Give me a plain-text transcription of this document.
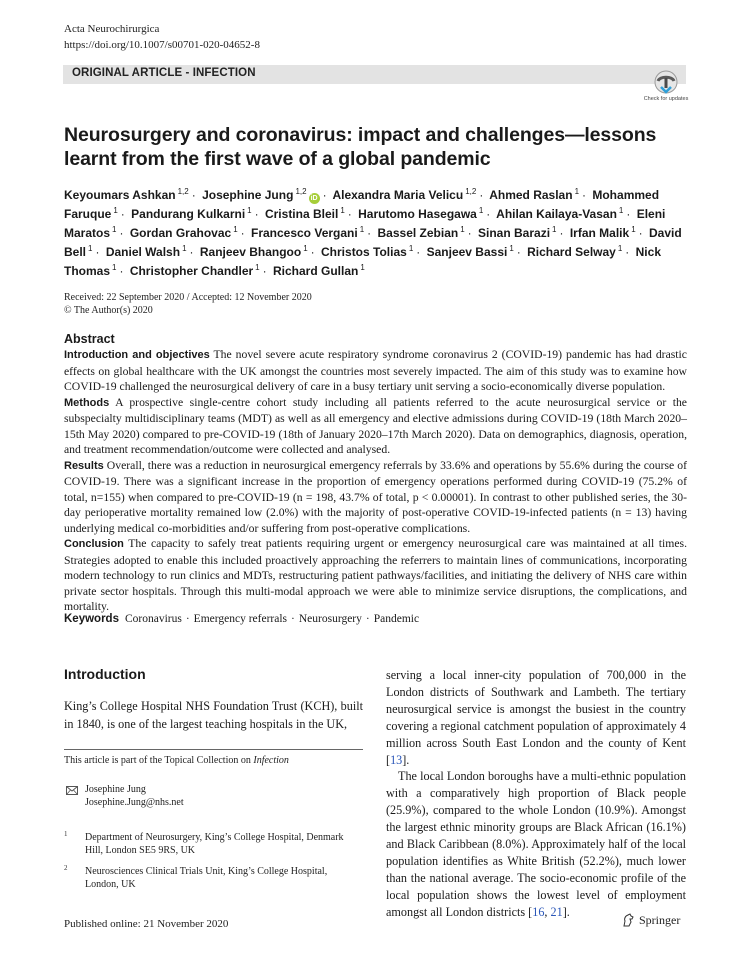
Acta Neurochirurgica
https://doi.org/10.1007/s00701-020-04652-8
ORIGINAL ARTICLE - INFECTION
Check for updates
Neurosurgery and coronavirus: impact and challenges—lessons learnt from the first wave of a global pandemic
Keyoumars Ashkan $^{1,2}$ · Josephine Jung $^{1,2}$iD · Alexandra Maria Velicu $^{1,2}$ · Ahmed Raslan $^1$ · Mohammed Faruque $^1$ · Pandurang Kulkarni $^1$ · Cristina Bleil $^1$ · Harutomo Hasegawa $^1$ · Ahilan Kailaya-Vasan $^1$ · Eleni Maratos $^1$ · Gordan Grahovac $^1$ · Francesco Vergani $^1$ · Bassel Zebian $^1$ · Sinan Barazi $^1$ · Irfan Malik $^1$ · David Bell $^1$ · Daniel Walsh $^1$ · Ranjeev Bhangoo $^1$ · Christos Tolias $^1$ · Sanjeev Bassi $^1$ · Richard Selway $^1$ · Nick Thomas $^1$ · Christopher Chandler $^1$ · Richard Gullan $^1$
Received: 22 September 2020 / Accepted: 12 November 2020
© The Author(s) 2020
Abstract

Introduction and objectives The novel severe acute respiratory syndrome coronavirus 2 (COVID-19) pandemic has had drastic effects on global healthcare with the UK amongst the countries most severely impacted. The aim of this study was to examine how COVID-19 challenged the neurosurgical delivery of care in a busy tertiary unit serving a socio-economically diverse population.

Methods A prospective single-centre cohort study including all patients referred to the acute neurosurgical service or the subspecialty multidisciplinary teams (MDT) as well as all emergency and elective admissions during COVID-19 (18th March 2020–15th May 2020) compared to pre-COVID-19 (18th of January 2020–17th March 2020). Data on demographics, diagnosis, operation, and treatment recommendation/outcome were collected and analysed.

Results Overall, there was a reduction in neurosurgical emergency referrals by 33.6% and operations by 55.6% during the course of COVID-19. There was a significant increase in the proportion of emergency operations performed during COVID-19 (75.2% of total, n=155) when compared to pre-COVID-19 (n = 198, 43.7% of total, p < 0.00001). In contrast to other published series, the 30-day perioperative mortality remained low (2.0%) with the majority of post-operative COVID-19-infected patients (n = 13) having underlying medical co-morbidities and/or suffering from post-operative complications.

Conclusion The capacity to safely treat patients requiring urgent or emergency neurosurgical care was maintained at all times. Strategies adopted to enable this included proactively approaching the referrers to maintain lines of communications, incorporating modern technology to run clinics and MDTs, restructuring patient pathways/facilities, and initiating the delivery of NHS care within private sector hospitals. Through this multi-modal approach we were able to minimize service disruptions, the complications, and mortality.

Keywords Coronavirus · Emergency referrals · Neurosurgery · Pandemic
Introduction

King’s College Hospital NHS Foundation Trust (KCH), built in 1840, is one of the largest teaching hospitals in the UK,

This article is part of the Topical Collection on Infection
Josephine Jung
Josephine.Jung@nhs.net
1 Department of Neurosurgery, King’s College Hospital, Denmark Hill, London SE5 9RS, UK
2 Neurosciences Clinical Trials Unit, King’s College Hospital, London, UK

serving a local inner-city population of 700,000 in the London districts of Southwark and Lambeth. The tertiary neurosurgical service is amongst the busiest in the country covering a regional catchment population of approximately 4 million across South East London and the county of Kent [13].

The local London boroughs have a multi-ethnic population with a comparatively high proportion of Black people (25.9%), compared to the whole London (10.9%). Amongst the largest ethnic minority groups are Black African (16.1%) and Black Caribbean (8.0%). Approximately half of the local population identifies as White British (52.2%), much lower than the national average. The socio-economic profile of the local population shows the lowest level of employment amongst all London districts [16, 21].

Published online: 21 November 2020	Springer
